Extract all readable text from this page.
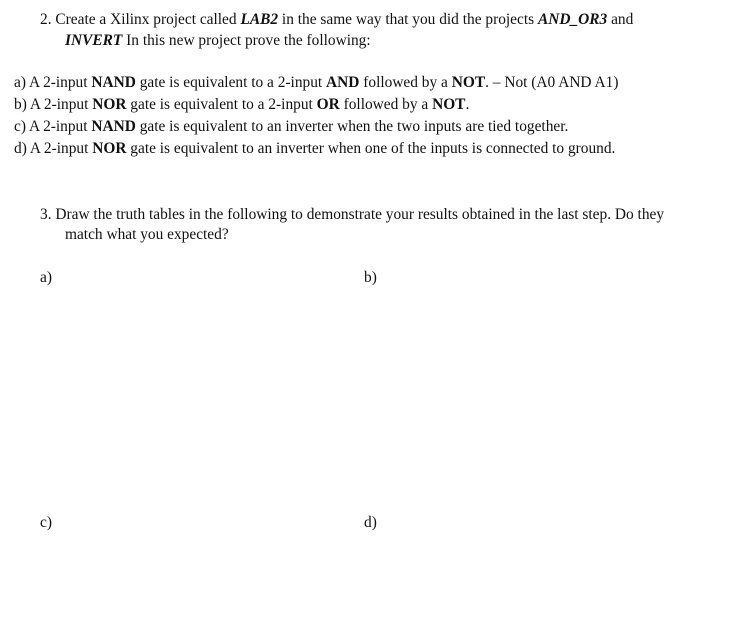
2. Create a Xilinx project called LAB2 in the same way that you did the projects AND_OR3 and
INVERT In this new project prove the following:
a) A 2-input NAND gate is equivalent to a 2-input AND followed by a NOT. – Not (A0 AND A1)
b) A 2-input NOR gate is equivalent to a 2-input OR followed by a NOT.
c) A 2-input NAND gate is equivalent to an inverter when the two inputs are tied together.
d) A 2-input NOR gate is equivalent to an inverter when one of the inputs is connected to ground.
3. Draw the truth tables in the following to demonstrate your results obtained in the last step. Do they
match what you expected?
a)	b)
c)	d)
